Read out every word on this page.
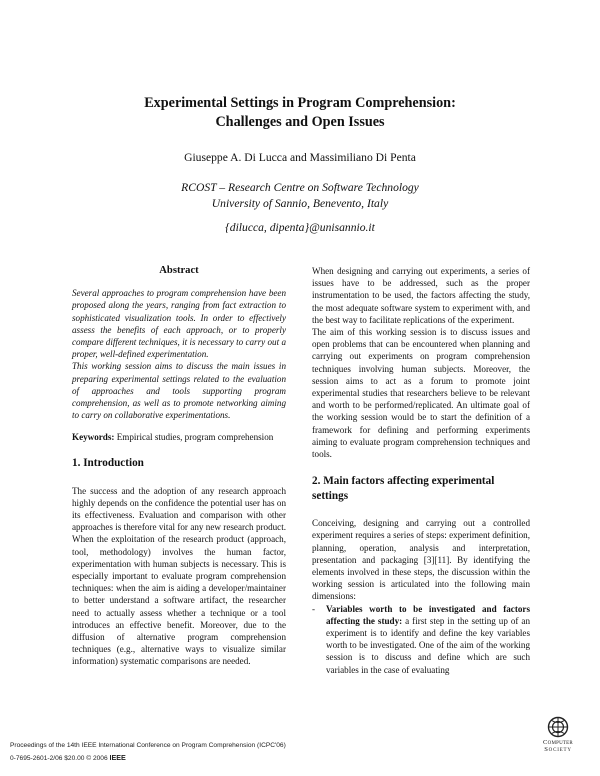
Experimental Settings in Program Comprehension:
Challenges and Open Issues
Giuseppe A. Di Lucca and Massimiliano Di Penta
RCOST – Research Centre on Software Technology
University of Sannio, Benevento, Italy
{dilucca, dipenta}@unisannio.it

Abstract

Several approaches to program comprehension have been proposed along the years, ranging from fact extraction to sophisticated visualization tools. In order to effectively assess the benefits of each approach, or to properly compare different techniques, it is necessary to carry out a proper, well-defined experimentation.

This working session aims to discuss the main issues in preparing experimental settings related to the evaluation of approaches and tools supporting program comprehension, as well as to promote networking aiming to carry on collaborative experimentations.

Keywords: Empirical studies, program comprehension

1. Introduction

The success and the adoption of any research approach highly depends on the confidence the potential user has on its effectiveness. Evaluation and comparison with other approaches is therefore vital for any new research product. When the exploitation of the research product (approach, tool, methodology) involves the human factor, experimentation with human subjects is necessary. This is especially important to evaluate program comprehension techniques: when the aim is aiding a developer/maintainer to better understand a software artifact, the researcher need to actually assess whether a technique or a tool introduces an effective benefit. Moreover, due to the diffusion of alternative program comprehension techniques (e.g., alternative ways to visualize similar information) systematic comparisons are needed.

When designing and carrying out experiments, a series of issues have to be addressed, such as the proper instrumentation to be used, the factors affecting the study, the most adequate software system to experiment with, and the best way to facilitate replications of the experiment.

The aim of this working session is to discuss issues and open problems that can be encountered when planning and carrying out experiments on program comprehension techniques involving human subjects. Moreover, the session aims to act as a forum to promote joint experimental studies that researchers believe to be relevant and worth to be performed/replicated. An ultimate goal of the working session would be to start the definition of a framework for defining and performing experiments aiming to evaluate program comprehension techniques and tools.

2. Main factors affecting experimental settings

Conceiving, designing and carrying out a controlled experiment requires a series of steps: experiment definition, planning, operation, analysis and interpretation, presentation and packaging [3][11]. By identifying the elements involved in these steps, the discussion within the working session is articulated into the following main dimensions:

-	Variables worth to be investigated and factors affecting the study: a first step in the setting up of an experiment is to identify and define the key variables worth to be investigated. One of the aim of the working session is to discuss and define which are such variables in the case of evaluating
Proceedings of the 14th IEEE International Conference on Program Comprehension (ICPC'06)
0-7695-2601-2/06 $20.00 © 2006 IEEE
Computer
Society
